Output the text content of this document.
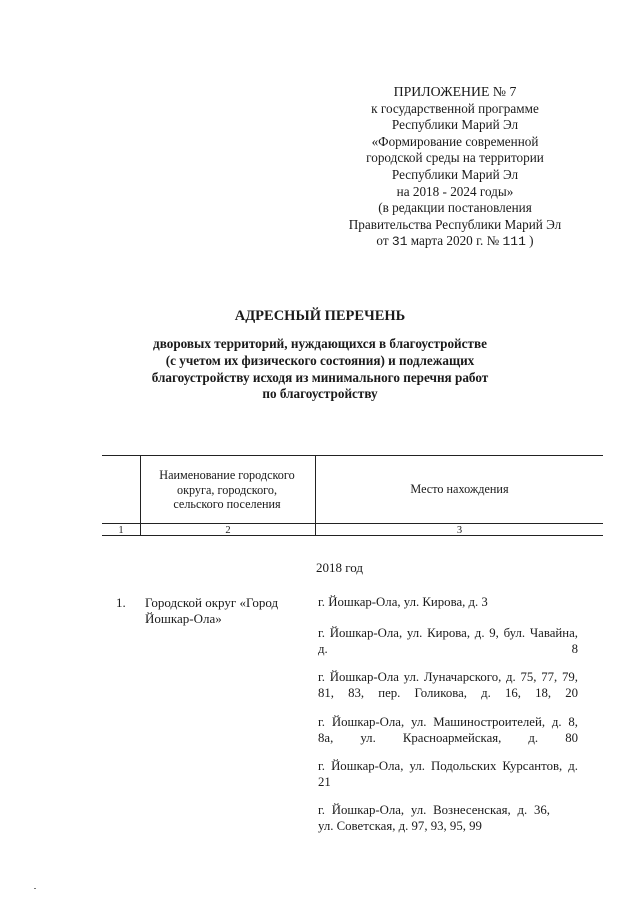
ПРИЛОЖЕНИЕ № 7
к государственной программе
Республики Марий Эл
«Формирование современной
городской среды на территории
Республики Марий Эл
на 2018 - 2024 годы»
(в редакции постановления
Правительства Республики Марий Эл
от 31 марта 2020 г. № 111 )
АДРЕСНЫЙ ПЕРЕЧЕНЬ
дворовых территорий, нуждающихся в благоустройстве
(с учетом их физического состояния) и подлежащих
благоустройству исходя из минимального перечня работ
по благоустройству
Наименование городского округа, городского, сельского поселения
Место нахождения
1	2	3
2018 год
1. Городской округ «Город Йошкар-Ола»
г. Йошкар-Ола, ул. Кирова, д. 3
г. Йошкар-Ола, ул. Кирова, д. 9, бул. Чавайна, д. 8
г. Йошкар-Ола ул. Луначарского, д. 75, 77, 79, 81, 83, пер. Голикова, д. 16, 18, 20
г. Йошкар-Ола, ул. Машиностроителей, д. 8, 8а, ул. Красноармейская, д. 80
г. Йошкар-Ола, ул. Подольских Курсантов, д. 21
г. Йошкар-Ола, ул. Вознесенская, д. 36, ул. Советская, д. 97, 93, 95, 99
